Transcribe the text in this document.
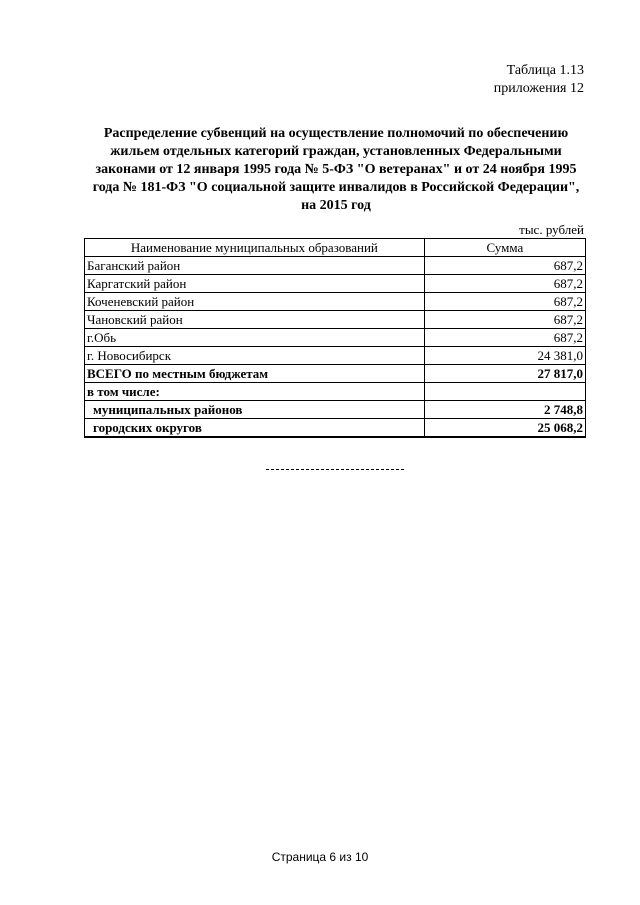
Таблица 1.13
приложения 12
Распределение субвенций на осуществление полномочий по обеспечению жильем отдельных категорий граждан, установленных Федеральными законами от 12 января 1995 года № 5-ФЗ "О ветеранах" и от 24 ноября 1995 года № 181-ФЗ "О социальной защите инвалидов в Российской Федерации", на 2015 год
тыс. рублей
Наименование муниципальных образований	Сумма
Баганский район	687,2
Каргатский район	687,2
Коченевский район	687,2
Чановский район	687,2
г.Обь	687,2
г. Новосибирск	24 381,0
ВСЕГО по местным бюджетам	27 817,0
в том числе:	
муниципальных районов	2 748,8
городских округов	25 068,2
Страница 6 из 10
